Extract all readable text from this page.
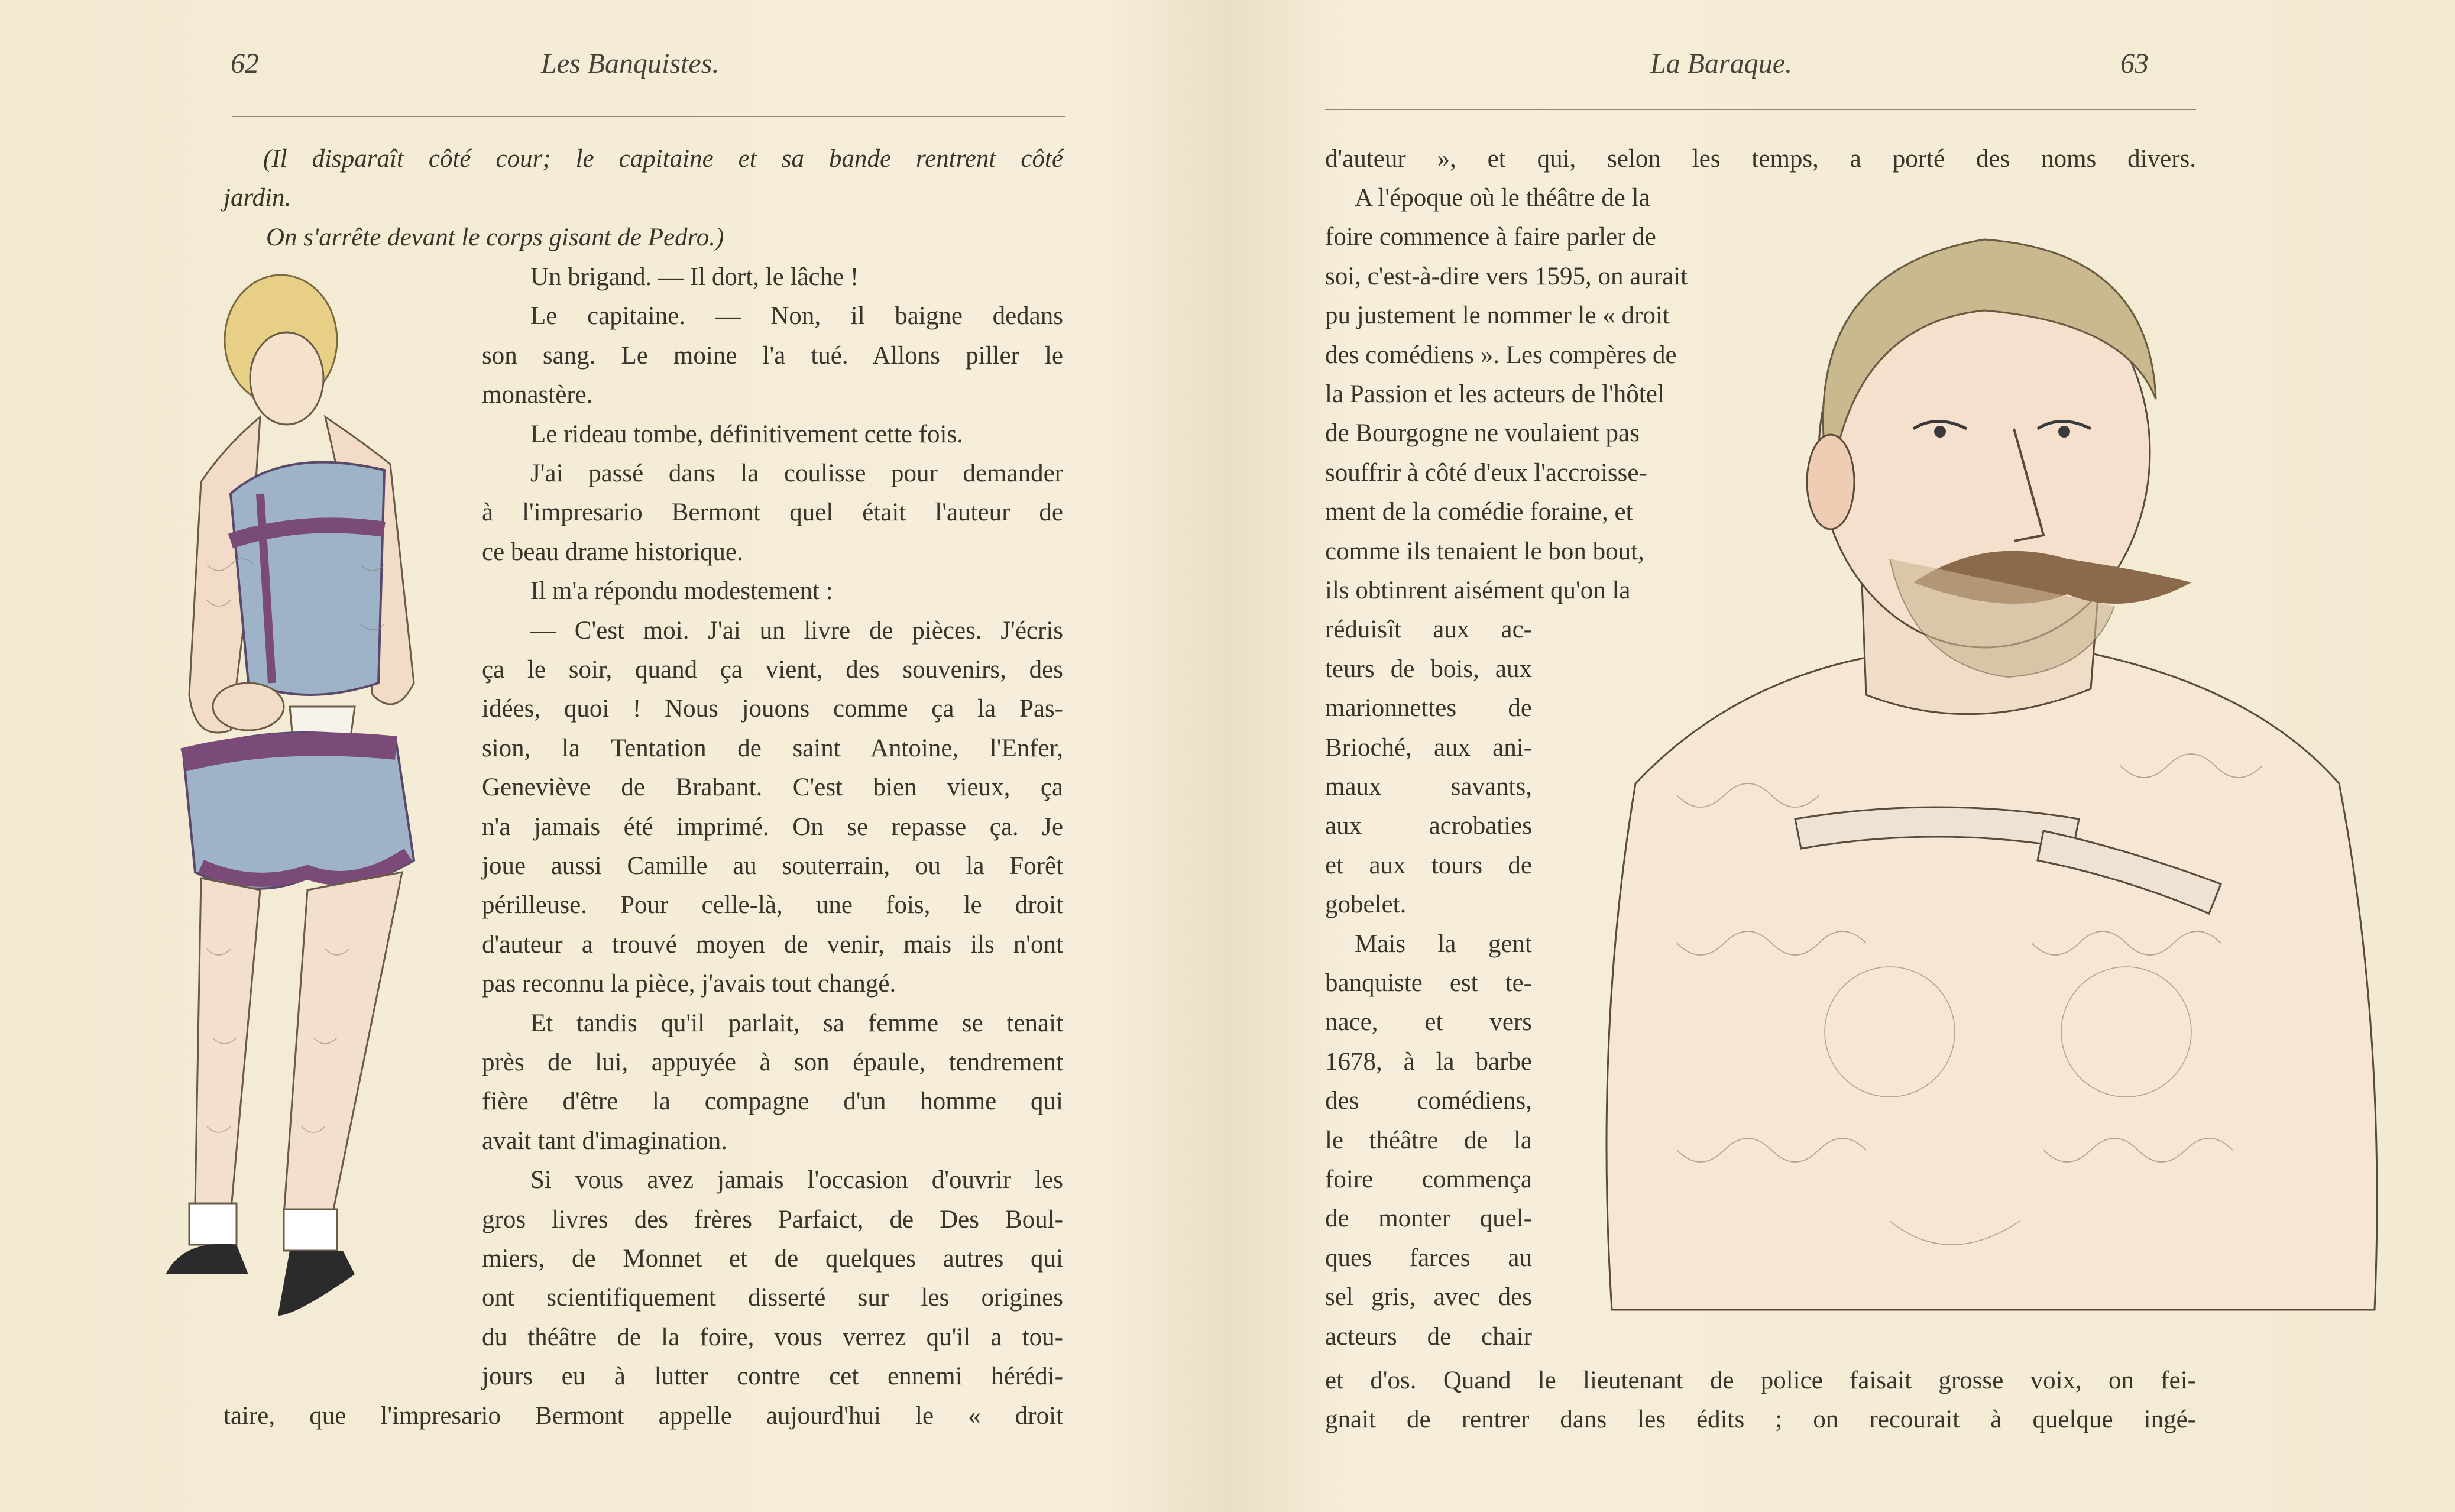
62	Les Banquistes.
(Il disparaît côté cour; le capitaine et sa bande rentrent côté
jardin.
On s'arrête devant le corps gisant de Pedro.)
Un brigand. — Il dort, le lâche !
Le capitaine. — Non, il baigne dedans
son sang. Le moine l'a tué. Allons piller le
monastère.
Le rideau tombe, définitivement cette fois.
J'ai passé dans la coulisse pour demander
à l'impresario Bermont quel était l'auteur de
ce beau drame historique.
Il m'a répondu modestement :
— C'est moi. J'ai un livre de pièces. J'écris
ça le soir, quand ça vient, des souvenirs, des
idées, quoi ! Nous jouons comme ça la Pas-
sion, la Tentation de saint Antoine, l'Enfer,
Geneviève de Brabant. C'est bien vieux, ça
n'a jamais été imprimé. On se repasse ça. Je
joue aussi Camille au souterrain, ou la Forêt
périlleuse. Pour celle-là, une fois, le droit
d'auteur a trouvé moyen de venir, mais ils n'ont
pas reconnu la pièce, j'avais tout changé.
Et tandis qu'il parlait, sa femme se tenait
près de lui, appuyée à son épaule, tendrement
fière d'être la compagne d'un homme qui
avait tant d'imagination.
Si vous avez jamais l'occasion d'ouvrir les
gros livres des frères Parfaict, de Des Boul-
miers, de Monnet et de quelques autres qui
ont scientifiquement disserté sur les origines
du théâtre de la foire, vous verrez qu'il a tou-
jours eu à lutter contre cet ennemi hérédi-
taire, que l'impresario Bermont appelle aujourd'hui le « droit
La Baraque.	63
d'auteur », et qui, selon les temps, a porté des noms divers.
A l'époque où le théâtre de la
foire commence à faire parler de
soi, c'est-à-dire vers 1595, on aurait
pu justement le nommer le « droit
des comédiens ». Les compères de
la Passion et les acteurs de l'hôtel
de Bourgogne ne voulaient pas
souffrir à côté d'eux l'accroisse-
ment de la comédie foraine, et
comme ils tenaient le bon bout,
ils obtinrent aisément qu'on la
réduisît aux ac-
teurs de bois, aux
marionnettes de
Brioché, aux ani-
maux savants,
aux acrobaties
et aux tours de
gobelet.
Mais la gent
banquiste est te-
nace, et vers
1678, à la barbe
des comédiens,
le théâtre de la
foire commença
de monter quel-
ques farces au
sel gris, avec des
acteurs de chair
et d'os. Quand le lieutenant de police faisait grosse voix, on fei-
gnait de rentrer dans les édits ; on recourait à quelque ingé-
